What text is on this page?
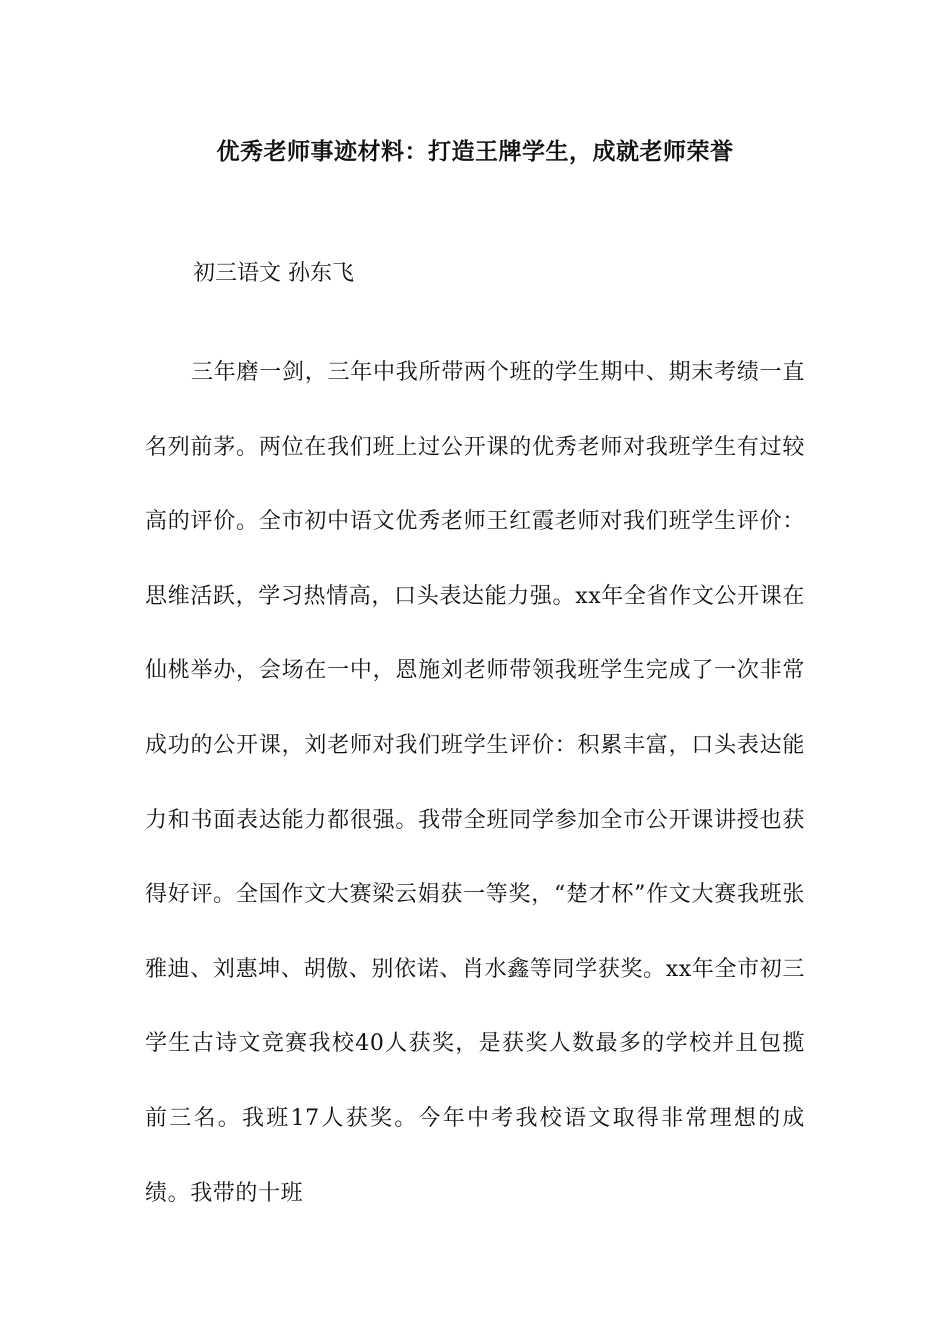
优秀老师事迹材料：打造王牌学生，成就老师荣誉
初三语文 孙东飞

三年磨一剑，三年中我所带两个班的学生期中、期末考绩一直名列前茅。两位在我们班上过公开课的优秀老师对我班学生有过较高的评价。全市初中语文优秀老师王红霞老师对我们班学生评价：思维活跃，学习热情高，口头表达能力强。xx年全省作文公开课在仙桃举办，会场在一中，恩施刘老师带领我班学生完成了一次非常成功的公开课，刘老师对我们班学生评价：积累丰富，口头表达能力和书面表达能力都很强。我带全班同学参加全市公开课讲授也获得好评。全国作文大赛梁云娟获一等奖，“楚才杯”作文大赛我班张雅迪、刘惠坤、胡傲、别依诺、肖水鑫等同学获奖。xx年全市初三学生古诗文竞赛我校40人获奖，是获奖人数最多的学校并且包揽前三名。我班17人获奖。今年中考我校语文取得非常理想的成绩。我带的十班
